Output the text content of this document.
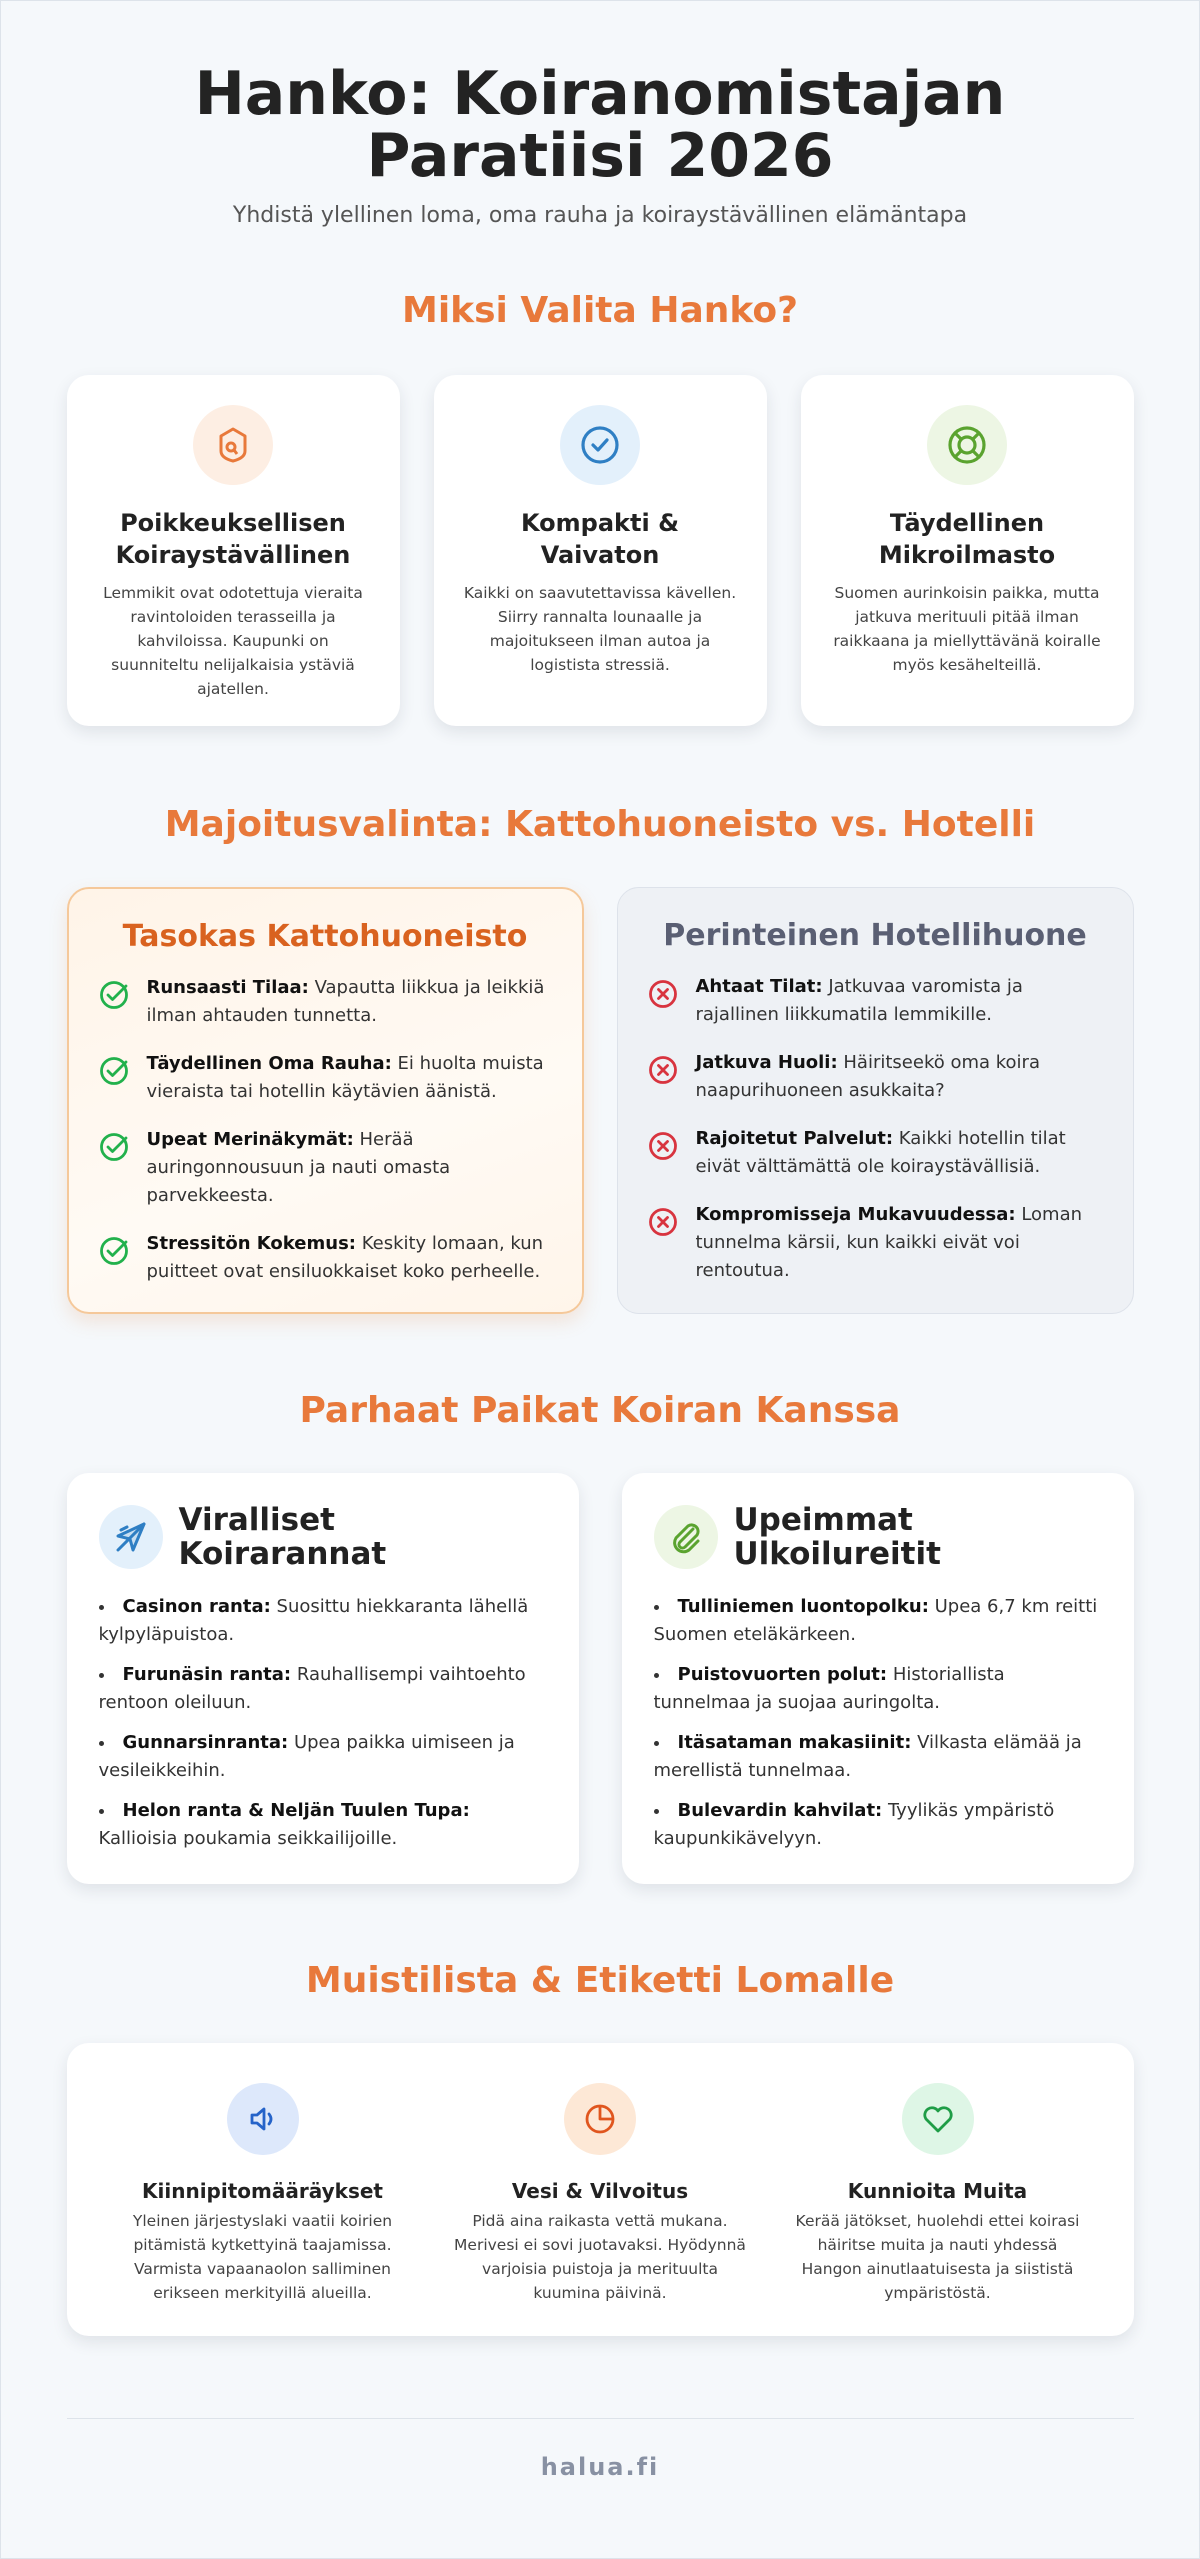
Hanko: Koiranomistajan Paratiisi 2026

Yhdistä ylellinen loma, oma rauha ja koiraystävällinen elämäntapa

Miksi Valita Hanko?
Poikkeuksellisen Koiraystävällinen

Lemmikit ovat odotettuja vieraita ravintoloiden terasseilla ja kahviloissa. Kaupunki on suunniteltu nelijalkaisia ystäviä ajatellen.

Kompakti & Vaivaton

Kaikki on saavutettavissa kävellen. Siirry rannalta lounaalle ja majoitukseen ilman autoa ja logistista stressiä.

Täydellinen Mikroilmasto

Suomen aurinkoisin paikka, mutta jatkuva merituuli pitää ilman raikkaana ja miellyttävänä koiralle myös kesähelteillä.

Majoitusvalinta: Kattohuoneisto vs. Hotelli
Tasokas Kattohuoneisto
Runsaasti Tilaa: Vapautta liikkua ja leikkiä ilman ahtauden tunnetta.
Täydellinen Oma Rauha: Ei huolta muista vieraista tai hotellin käytävien äänistä.
Upeat Merinäkymät: Herää auringonnousuun ja nauti omasta parvekkeesta.
Stressitön Kokemus: Keskity lomaan, kun puitteet ovat ensiluokkaiset koko perheelle.
Perinteinen Hotellihuone
Ahtaat Tilat: Jatkuvaa varomista ja rajallinen liikkumatila lemmikille.
Jatkuva Huoli: Häiritseekö oma koira naapurihuoneen asukkaita?
Rajoitetut Palvelut: Kaikki hotellin tilat eivät välttämättä ole koiraystävällisiä.
Kompromisseja Mukavuudessa: Loman tunnelma kärsii, kun kaikki eivät voi rentoutua.
Parhaat Paikat Koiran Kanssa
Viralliset Koirarannat
• Casinon ranta: Suosittu hiekkaranta lähellä kylpyläpuistoa.
• Furunäsin ranta: Rauhallisempi vaihtoehto rentoon oleiluun.
• Gunnarsinranta: Upea paikka uimiseen ja vesileikkeihin.
• Helon ranta & Neljän Tuulen Tupa: Kallioisia poukamia seikkailijoille.
Upeimmat Ulkoilureitit
• Tulliniemen luontopolku: Upea 6,7 km reitti Suomen eteläkärkeen.
• Puistovuorten polut: Historiallista tunnelmaa ja suojaa auringolta.
• Itäsataman makasiinit: Vilkasta elämää ja merellistä tunnelmaa.
• Bulevardin kahvilat: Tyylikäs ympäristö kaupunkikävelyyn.
Muistilista & Etiketti Lomalle
Kiinnipitomääräykset

Yleinen järjestyslaki vaatii koirien pitämistä kytkettyinä taajamissa. Varmista vapaanaolon salliminen erikseen merkityillä alueilla.

Vesi & Vilvoitus

Pidä aina raikasta vettä mukana. Merivesi ei sovi juotavaksi. Hyödynnä varjoisia puistoja ja merituulta kuumina päivinä.

Kunnioita Muita

Kerää jätökset, huolehdi ettei koirasi häiritse muita ja nauti yhdessä Hangon ainutlaatuisesta ja siististä ympäristöstä.

halua.fi
